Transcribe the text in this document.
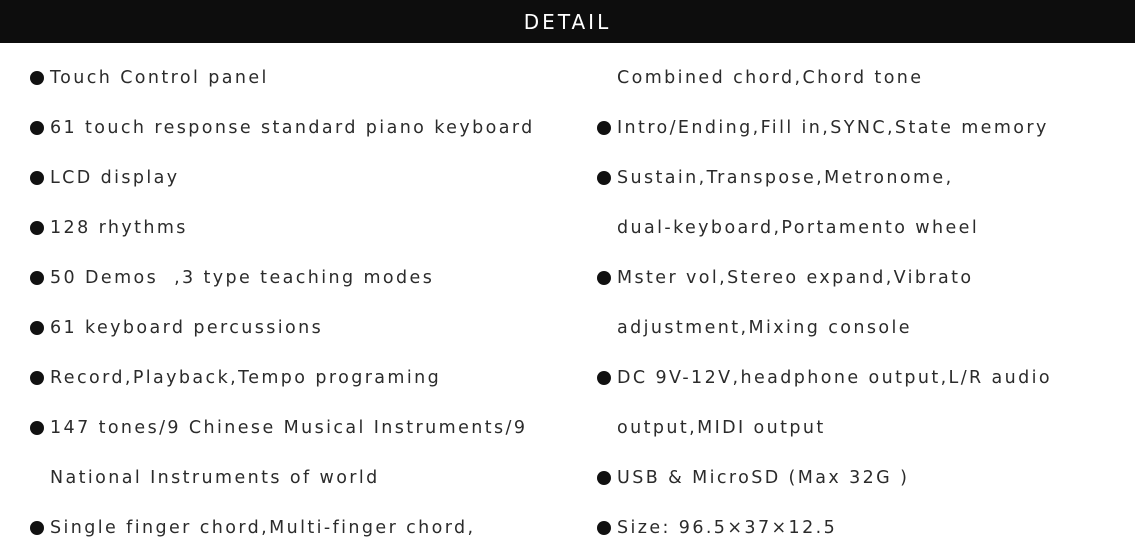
DETAIL
Touch Control panel
61 touch response standard piano keyboard
LCD display
128 rhythms
50 Demos  ,3 type teaching modes
61 keyboard percussions
Record,Playback,Tempo programing
147 tones/9 Chinese Musical Instruments/9
National Instruments of world
Single finger chord,Multi-finger chord,
Combined chord,Chord tone
Intro/Ending,Fill in,SYNC,State memory
Sustain,Transpose,Metronome,
dual-keyboard,Portamento wheel
Mster vol,Stereo expand,Vibrato
adjustment,Mixing console
DC 9V-12V,headphone output,L/R audio
output,MIDI output
USB & MicroSD (Max 32G )
Size: 96.5×37×12.5
